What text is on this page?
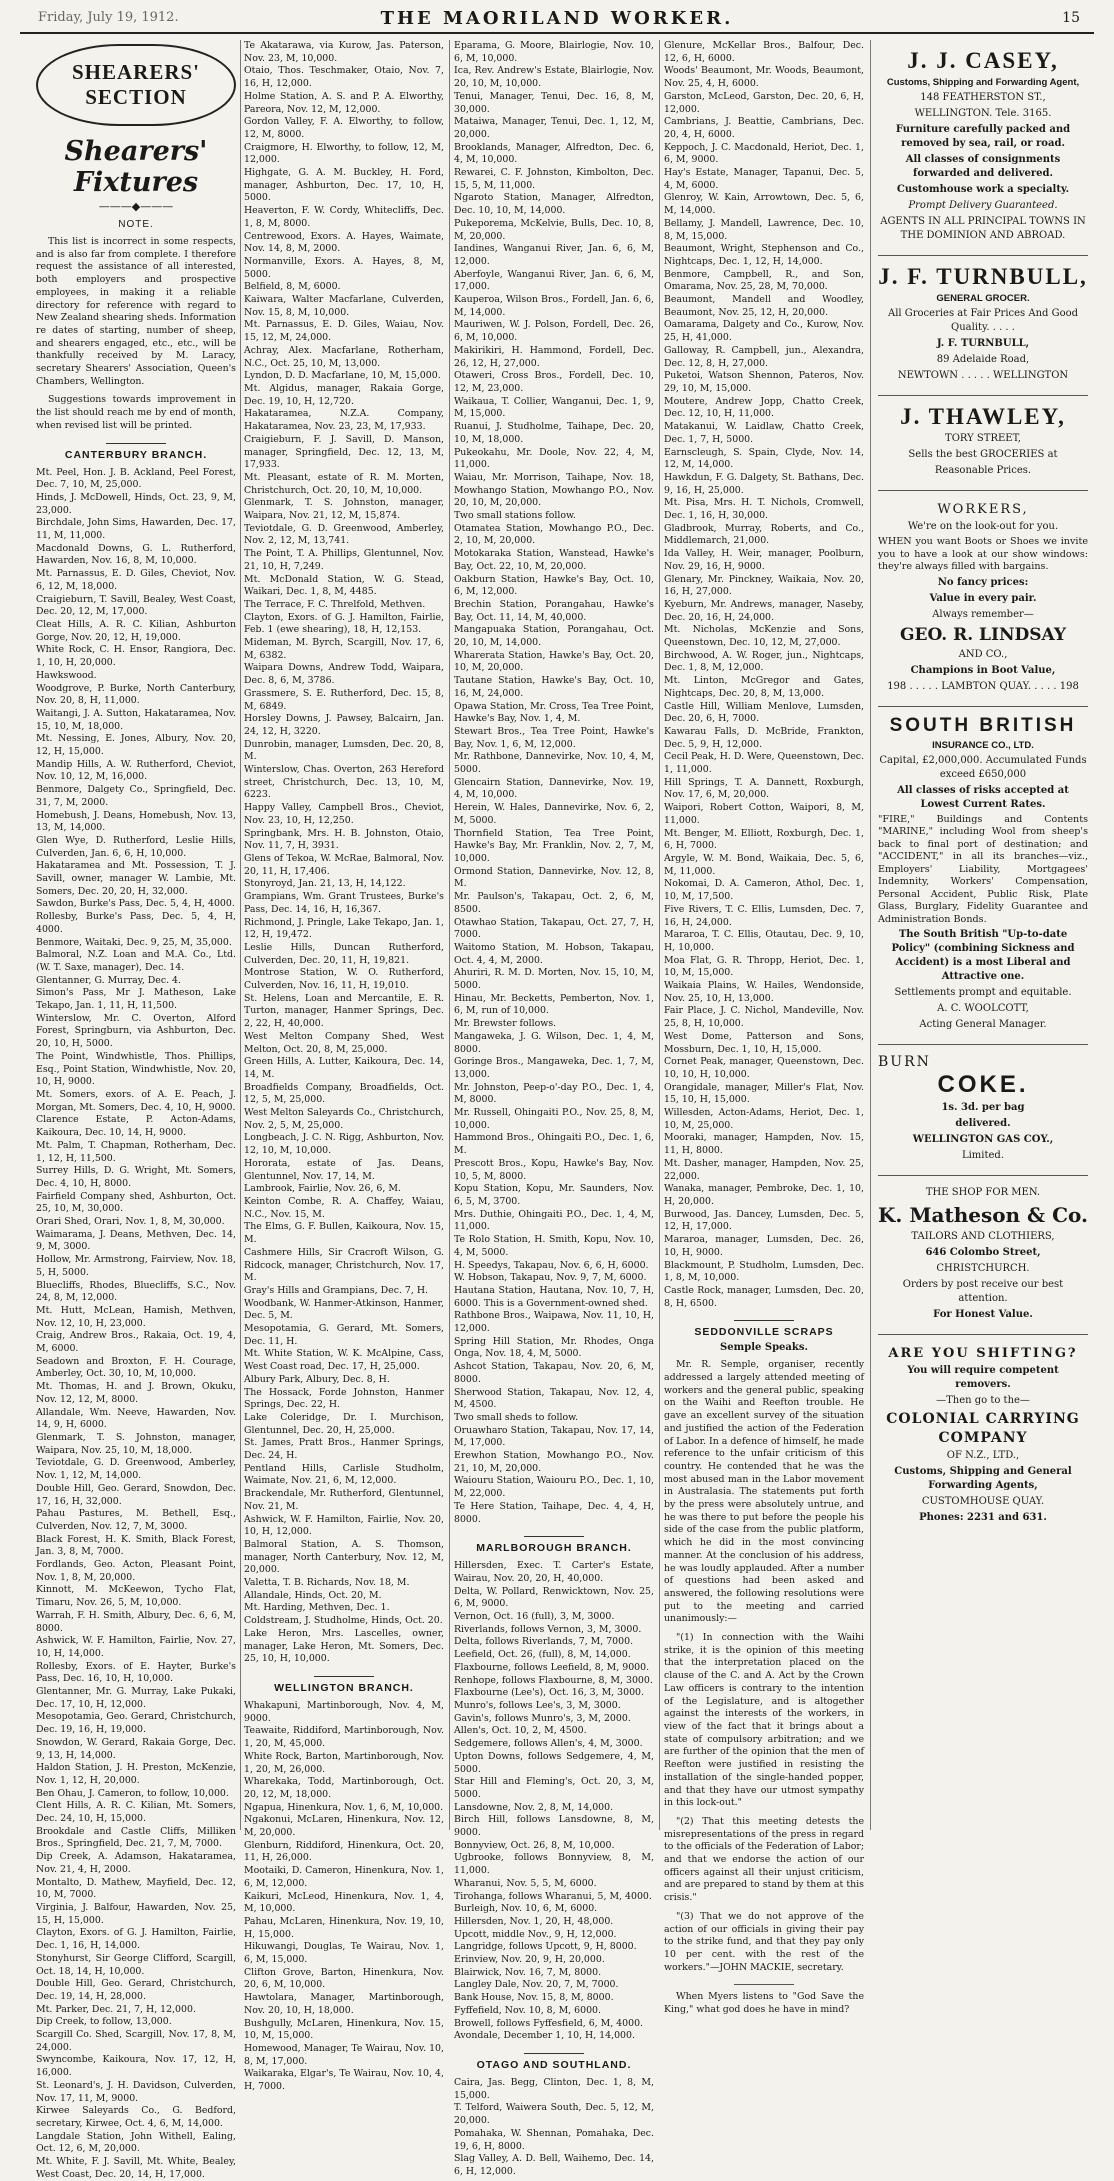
Friday, July 19, 1912.	THE MAORILAND WORKER.	15
SHEARERS' SECTION
Shearers' Fixtures
———◆———
NOTE.

This list is incorrect in some respects, and is also far from complete. I therefore request the assistance of all interested, both employers and prospective employees, in making it a reliable directory for reference with regard to New Zealand shearing sheds. Information re dates of starting, number of sheep, and shearers engaged, etc., etc., will be thankfully received by M. Laracy, secretary Shearers' Association, Queen's Chambers, Wellington.

Suggestions towards improvement in the list should reach me by end of month, when revised list will be printed.

CANTERBURY BRANCH.

Mt. Peel, Hon. J. B. Ackland, Peel Forest, Dec. 7, 10, M, 25,000.

Hinds, J. McDowell, Hinds, Oct. 23, 9, M, 23,000.

Birchdale, John Sims, Hawarden, Dec. 17, 11, M, 11,000.

Macdonald Downs, G. L. Rutherford, Hawarden, Nov. 16, 8, M, 10,000.

Mt. Parnassus, E. D. Giles, Cheviot, Nov. 6, 12, M, 18,000.

Craigieburn, T. Savill, Bealey, West Coast, Dec. 20, 12, M, 17,000.

Cleat Hills, A. R. C. Kilian, Ashburton Gorge, Nov. 20, 12, H, 19,000.

White Rock, C. H. Ensor, Rangiora, Dec. 1, 10, H, 20,000.

Hawkswood.

Woodgrove, P. Burke, North Canterbury, Nov. 20, 8, H, 11,000.

Waitangi, J. A. Sutton, Hakataramea, Nov. 15, 10, M, 18,000.

Mt. Nessing, E. Jones, Albury, Nov. 20, 12, H, 15,000.

Mandip Hills, A. W. Rutherford, Cheviot, Nov. 10, 12, M, 16,000.

Benmore, Dalgety Co., Springfield, Dec. 31, 7, M, 2000.

Homebush, J. Deans, Homebush, Nov. 13, 13, M, 14,000.

Glen Wye, D. Rutherford, Leslie Hills, Culverden, Jan. 6, 6, H, 10,000.

Hakataramea and Mt. Possession, T. J. Savill, owner, manager W. Lambie, Mt. Somers, Dec. 20, 20, H, 32,000.

Sawdon, Burke's Pass, Dec. 5, 4, H, 4000.

Rollesby, Burke's Pass, Dec. 5, 4, H, 4000.

Benmore, Waitaki, Dec. 9, 25, M, 35,000.

Balmoral, N.Z. Loan and M.A. Co., Ltd. (W. T. Saxe, manager), Dec. 14.

Glentanner, G. Murray, Dec. 4.

Simon's Pass, Mr J. Matheson, Lake Tekapo, Jan. 1, 11, H, 11,500.

Winterslow, Mr. C. Overton, Alford Forest, Springburn, via Ashburton, Dec. 20, 10, H, 5000.

The Point, Windwhistle, Thos. Phillips, Esq., Point Station, Windwhistle, Nov. 20, 10, H, 9000.

Mt. Somers, exors. of A. E. Peach, J. Morgan, Mt. Somers, Dec. 4, 10, H, 9000.

Clarence Estate, P. Acton-Adams, Kaikoura, Dec. 10, 14, H, 9000.

Mt. Palm, T. Chapman, Rotherham, Dec. 1, 12, H, 11,500.

Surrey Hills, D. G. Wright, Mt. Somers, Dec. 4, 10, H, 8000.

Fairfield Company shed, Ashburton, Oct. 25, 10, M, 30,000.

Orari Shed, Orari, Nov. 1, 8, M, 30,000.

Waimarama, J. Deans, Methven, Dec. 14, 9, M, 3000.

Hollow, Mr. Armstrong, Fairview, Nov. 18, 5, H, 5000.

Bluecliffs, Rhodes, Bluecliffs, S.C., Nov. 24, 8, M, 12,000.

Mt. Hutt, McLean, Hamish, Methven, Nov. 12, 10, H, 23,000.

Craig, Andrew Bros., Rakaia, Oct. 19, 4, M, 6000.

Seadown and Broxton, F. H. Courage, Amberley, Oct. 30, 10, M, 10,000.

Mt. Thomas, H. and J. Brown, Okuku, Nov. 12, 12, M, 8000.

Allandale, Wm. Neeve, Hawarden, Nov. 14, 9, H, 6000.

Glenmark, T. S. Johnston, manager, Waipara, Nov. 25, 10, M, 18,000.

Teviotdale, G. D. Greenwood, Amberley, Nov. 1, 12, M, 14,000.

Double Hill, Geo. Gerard, Snowdon, Dec. 17, 16, H, 32,000.

Pahau Pastures, M. Bethell, Esq., Culverden, Nov. 12, 7, M, 3000.

Black Forest, H. K. Smith, Black Forest, Jan. 3, 8, M, 7000.

Fordlands, Geo. Acton, Pleasant Point, Nov. 1, 8, M, 20,000.

Kinnott, M. McKeewon, Tycho Flat, Timaru, Nov. 26, 5, M, 10,000.

Warrah, F. H. Smith, Albury, Dec. 6, 6, M, 8000.

Ashwick, W. F. Hamilton, Fairlie, Nov. 27, 10, H, 14,000.

Rollesby, Exors. of E. Hayter, Burke's Pass, Dec. 16, 10, H, 10,000.

Glentanner, Mr. G. Murray, Lake Pukaki, Dec. 17, 10, H, 12,000.

Mesopotamia, Geo. Gerard, Christchurch, Dec. 19, 16, H, 19,000.

Snowdon, W. Gerard, Rakaia Gorge, Dec. 9, 13, H, 14,000.

Haldon Station, J. H. Preston, McKenzie, Nov. 1, 12, H, 20,000.

Ben Ohau, J. Cameron, to follow, 10,000.

Clent Hills, A. R. C. Kilian, Mt. Somers, Dec. 24, 10, H, 15,000.

Brookdale and Castle Cliffs, Milliken Bros., Springfield, Dec. 21, 7, M, 7000.

Dip Creek, A. Adamson, Hakataramea, Nov. 21, 4, H, 2000.

Montalto, D. Mathew, Mayfield, Dec. 12, 10, M, 7000.

Virginia, J. Balfour, Hawarden, Nov. 25, 15, H, 15,000.

Clayton, Exors. of G. J. Hamilton, Fairlie, Dec. 1, 16, H, 14,000.

Stonyhurst, Sir George Clifford, Scargill, Oct. 18, 14, H, 10,000.

Double Hill, Geo. Gerard, Christchurch, Dec. 19, 14, H, 28,000.

Mt. Parker, Dec. 21, 7, H, 12,000.

Dip Creek, to follow, 13,000.

Scargill Co. Shed, Scargill, Nov. 17, 8, M, 24,000.

Swyncombe, Kaikoura, Nov. 17, 12, H, 16,000.

St. Leonard's, J. H. Davidson, Culverden, Nov. 17, 11, M, 9000.

Kirwee Saleyards Co., G. Bedford, secretary, Kirwee, Oct. 4, 6, M, 14,000.

Langdale Station, John Withell, Ealing, Oct. 12, 6, M, 20,000.

Mt. White, F. J. Savill, Mt. White, Bealey, West Coast, Dec. 20, 14, H, 17,000.

Te Akatarawa, via Kurow, Jas. Paterson, Nov. 23, M, 10,000.

Otaio, Thos. Teschmaker, Otaio, Nov. 7, 16, H, 12,000.

Holme Station, A. S. and P. A. Elworthy, Pareora, Nov. 12, M, 12,000.

Gordon Valley, F. A. Elworthy, to follow, 12, M, 8000.

Craigmore, H. Elworthy, to follow, 12, M, 12,000.

Highgate, G. A. M. Buckley, H. Ford, manager, Ashburton, Dec. 17, 10, H, 5000.

Heaverton, F. W. Cordy, Whitecliffs, Dec. 1, 8, M, 8000.

Centrewood, Exors. A. Hayes, Waimate, Nov. 14, 8, M, 2000.

Normanville, Exors. A. Hayes, 8, M, 5000.

Belfield, 8, M, 6000.

Kaiwara, Walter Macfarlane, Culverden, Nov. 15, 8, M, 10,000.

Mt. Parnassus, E. D. Giles, Waiau, Nov. 15, 12, M, 24,000.

Achray, Alex. Macfarlane, Rotherham, N.C., Oct. 25, 10, M, 13,000.

Lyndon, D. D. Macfarlane, 10, M, 15,000.

Mt. Algidus, manager, Rakaia Gorge, Dec. 19, 10, H, 12,720.

Hakataramea, N.Z.A. Company, Hakataramea, Nov. 23, 23, M, 17,933.

Craigieburn, F. J. Savill, D. Manson, manager, Springfield, Dec. 12, 13, M, 17,933.

Mt. Pleasant, estate of R. M. Morten, Christchurch, Oct. 20, 10, M, 10,000.

Glenmark, T. S. Johnston, manager, Waipara, Nov. 21, 12, M, 15,874.

Teviotdale, G. D. Greenwood, Amberley, Nov. 2, 12, M, 13,741.

The Point, T. A. Phillips, Glentunnel, Nov. 21, 10, H, 7,249.

Mt. McDonald Station, W. G. Stead, Waikari, Dec. 1, 8, M, 4485.

The Terrace, F. C. Threlfold, Methven.

Clayton, Exors. of G. J. Hamilton, Fairlie, Feb. 1 (ewe shearing), 18, H, 12,153.

Mideman, M. Byrch, Scargill, Nov. 17, 6, M, 6382.

Waipara Downs, Andrew Todd, Waipara, Dec. 8, 6, M, 3786.

Grassmere, S. E. Rutherford, Dec. 15, 8, M, 6849.

Horsley Downs, J. Pawsey, Balcairn, Jan. 24, 12, H, 3220.

Dunrobin, manager, Lumsden, Dec. 20, 8, M.

Winterslow, Chas. Overton, 263 Hereford street, Christchurch, Dec. 13, 10, M, 6223.

Happy Valley, Campbell Bros., Cheviot, Nov. 23, 10, H, 12,250.

Springbank, Mrs. H. B. Johnston, Otaio, Nov. 11, 7, H, 3931.

Glens of Tekoa, W. McRae, Balmoral, Nov. 20, 11, H, 17,406.

Stonyroyd, Jan. 21, 13, H, 14,122.

Grampians, Wm. Grant Trustees, Burke's Pass, Dec. 14, 16, H, 16,367.

Richmond, J. Pringle, Lake Tekapo, Jan. 1, 12, H, 19,472.

Leslie Hills, Duncan Rutherford, Culverden, Dec. 20, 11, H, 19,821.

Montrose Station, W. O. Rutherford, Culverden, Nov. 16, 11, H, 19,010.

St. Helens, Loan and Mercantile, E. R. Turton, manager, Hanmer Springs, Dec. 2, 22, H, 40,000.

West Melton Company Shed, West Melton, Oct. 20, 8, M, 25,000.

Green Hills, A. Lutter, Kaikoura, Dec. 14, 14, M.

Broadfields Company, Broadfields, Oct. 12, 5, M, 25,000.

West Melton Saleyards Co., Christchurch, Nov. 2, 5, M, 25,000.

Longbeach, J. C. N. Rigg, Ashburton, Nov. 12, 10, M, 10,000.

Hororata, estate of Jas. Deans, Glentunnel, Nov. 17, 14, M.

Lambrook, Fairlie, Nov. 26, 6, M.

Keinton Combe, R. A. Chaffey, Waiau, N.C., Nov. 15, M.

The Elms, G. F. Bullen, Kaikoura, Nov. 15, M.

Cashmere Hills, Sir Cracroft Wilson, G. Ridcock, manager, Christchurch, Nov. 17, M.

Gray's Hills and Grampians, Dec. 7, H.

Woodbank, W. Hanmer-Atkinson, Hanmer, Dec. 5, M.

Mesopotamia, G. Gerard, Mt. Somers, Dec. 11, H.

Mt. White Station, W. K. McAlpine, Cass, West Coast road, Dec. 17, H, 25,000.

Albury Park, Albury, Dec. 8, H.

The Hossack, Forde Johnston, Hanmer Springs, Dec. 22, H.

Lake Coleridge, Dr. I. Murchison, Glentunnel, Dec. 20, H, 25,000.

St. James, Pratt Bros., Hanmer Springs, Dec. 24, H.

Pentland Hills, Carlisle Studholm, Waimate, Nov. 21, 6, M, 12,000.

Brackendale, Mr. Rutherford, Glentunnel, Nov. 21, M.

Ashwick, W. F. Hamilton, Fairlie, Nov. 20, 10, H, 12,000.

Balmoral Station, A. S. Thomson, manager, North Canterbury, Nov. 12, M, 20,000.

Valetta, T. B. Richards, Nov. 18, M.

Allandale, Hinds, Oct. 20, M.

Mt. Harding, Methven, Dec. 1.

Coldstream, J. Studholme, Hinds, Oct. 20.

Lake Heron, Mrs. Lascelles, owner, manager, Lake Heron, Mt. Somers, Dec. 25, 10, H, 10,000.

WELLINGTON BRANCH.

Whakapuni, Martinborough, Nov. 4, M, 9000.

Teawaite, Riddiford, Martinborough, Nov. 1, 20, M, 45,000.

White Rock, Barton, Martinborough, Nov. 1, 20, M, 26,000.

Wharekaka, Todd, Martinborough, Oct. 20, 12, M, 18,000.

Ngapua, Hinenkura, Nov. 1, 6, M, 10,000.

Ngakonui, McLaren, Hinenkura, Nov. 12, M, 20,000.

Glenburn, Riddiford, Hinenkura, Oct. 20, 11, H, 26,000.

Mootaiki, D. Cameron, Hinenkura, Nov. 1, 6, M, 12,000.

Kaikuri, McLeod, Hinenkura, Nov. 1, 4, M, 10,000.

Pahau, McLaren, Hinenkura, Nov. 19, 10, H, 15,000.

Hikuwangi, Douglas, Te Wairau, Nov. 1, 6, M, 15,000.

Clifton Grove, Barton, Hinenkura, Nov. 20, 6, M, 10,000.

Hawtolara, Manager, Martinborough, Nov. 20, 10, H, 18,000.

Bushgully, McLaren, Hinenkura, Nov. 15, 10, M, 15,000.

Homewood, Manager, Te Wairau, Nov. 10, 8, M, 17,000.

Waikaraka, Elgar's, Te Wairau, Nov. 10, 4, H, 7000.

Eparama, G. Moore, Blairlogie, Nov. 10, 6, M, 10,000.

Ica, Rev. Andrew's Estate, Blairlogie, Nov. 20, 10, M, 10,000.

Tenui, Manager, Tenui, Dec. 16, 8, M, 30,000.

Mataiwa, Manager, Tenui, Dec. 1, 12, M, 20,000.

Brooklands, Manager, Alfredton, Dec. 6, 4, M, 10,000.

Rewarei, C. F. Johnston, Kimbolton, Dec. 15, 5, M, 11,000.

Ngaroto Station, Manager, Alfredton, Dec. 10, 10, M, 14,000.

Pukeporema, McKelvie, Bulls, Dec. 10, 8, M, 20,000.

Iandines, Wanganui River, Jan. 6, 6, M, 12,000.

Aberfoyle, Wanganui River, Jan. 6, 6, M, 17,000.

Kauperoa, Wilson Bros., Fordell, Jan. 6, 6, M, 14,000.

Mauriwen, W. J. Polson, Fordell, Dec. 26, 6, M, 10,000.

Makirikiri, H. Hammond, Fordell, Dec. 26, 12, H, 27,000.

Otaweri, Cross Bros., Fordell, Dec. 10, 12, M, 23,000.

Waikaua, T. Collier, Wanganui, Dec. 1, 9, M, 15,000.

Ruanui, J. Studholme, Taihape, Dec. 20, 10, M, 18,000.

Pukeokahu, Mr. Doole, Nov. 22, 4, M, 11,000.

Waiau, Mr. Morrison, Taihape, Nov. 18, Mowhango Station, Mowhango P.O., Nov. 20, 10, M, 20,000.

Two small stations follow.

Otamatea Station, Mowhango P.O., Dec. 2, 10, M, 20,000.

Motokaraka Station, Wanstead, Hawke's Bay, Oct. 22, 10, M, 20,000.

Oakburn Station, Hawke's Bay, Oct. 10, 6, M, 12,000.

Brechin Station, Porangahau, Hawke's Bay, Oct. 11, 14, M, 40,000.

Mangapuaka Station, Porangahau, Oct. 20, 10, M, 14,000.

Wharerata Station, Hawke's Bay, Oct. 20, 10, M, 20,000.

Tautane Station, Hawke's Bay, Oct. 10, 16, M, 24,000.

Opawa Station, Mr. Cross, Tea Tree Point, Hawke's Bay, Nov. 1, 4, M.

Stewart Bros., Tea Tree Point, Hawke's Bay, Nov. 1, 6, M, 12,000.

Mr. Rathbone, Dannevirke, Nov. 10, 4, M, 5000.

Glencairn Station, Dannevirke, Nov. 19, 4, M, 10,000.

Herein, W. Hales, Dannevirke, Nov. 6, 2, M, 5000.

Thornfield Station, Tea Tree Point, Hawke's Bay, Mr. Franklin, Nov. 2, 7, M, 10,000.

Ormond Station, Dannevirke, Nov. 12, 8, M.

Mr. Paulson's, Takapau, Oct. 2, 6, M, 8500.

Otawhao Station, Takapau, Oct. 27, 7, H, 7000.

Waitomo Station, M. Hobson, Takapau, Oct. 4, 4, M, 2000.

Ahuriri, R. M. D. Morten, Nov. 15, 10, M, 5000.

Hinau, Mr. Becketts, Pemberton, Nov. 1, 6, M, run of 10,000.

Mr. Brewster follows.

Mangaweka, J. G. Wilson, Dec. 1, 4, M, 8000.

Goringe Bros., Mangaweka, Dec. 1, 7, M, 13,000.

Mr. Johnston, Peep-o'-day P.O., Dec. 1, 4, M, 8000.

Mr. Russell, Ohingaiti P.O., Nov. 25, 8, M, 10,000.

Hammond Bros., Ohingaiti P.O., Dec. 1, 6, M.

Prescott Bros., Kopu, Hawke's Bay, Nov. 10, 5, M, 8000.

Kopu Station, Kopu, Mr. Saunders, Nov. 6, 5, M, 3700.

Mrs. Duthie, Ohingaiti P.O., Dec. 1, 4, M, 11,000.

Te Rolo Station, H. Smith, Kopu, Nov. 10, 4, M, 5000.

H. Speedys, Takapau, Nov. 6, 6, H, 6000.

W. Hobson, Takapau, Nov. 9, 7, M, 6000.

Hautana Station, Hautana, Nov. 10, 7, H, 6000. This is a Government-owned shed.

Rathbone Bros., Waipawa, Nov. 11, 10, H, 12,000.

Spring Hill Station, Mr. Rhodes, Onga Onga, Nov. 18, 4, M, 5000.

Ashcot Station, Takapau, Nov. 20, 6, M, 8000.

Sherwood Station, Takapau, Nov. 12, 4, M, 4500.

Two small sheds to follow.

Oruawharo Station, Takapau, Nov. 17, 14, M, 17,000.

Erewhon Station, Mowhango P.O., Nov. 21, 10, M, 20,000.

Waiouru Station, Waiouru P.O., Dec. 1, 10, M, 22,000.

Te Here Station, Taihape, Dec. 4, 4, H, 8000.

MARLBOROUGH BRANCH.

Hillersden, Exec. T. Carter's Estate, Wairau, Nov. 20, 20, H, 40,000.

Delta, W. Pollard, Renwicktown, Nov. 25, 6, M, 9000.

Vernon, Oct. 16 (full), 3, M, 3000.

Riverlands, follows Vernon, 3, M, 3000.

Delta, follows Riverlands, 7, M, 7000.

Leefield, Oct. 26, (full), 8, M, 14,000.

Flaxbourne, follows Leefield, 8, M, 9000.

Renhope, follows Flaxbourne, 8, M, 3000.

Flaxbourne (Lee's), Oct. 16, 3, M, 3000.

Munro's, follows Lee's, 3, M, 3000.

Gavin's, follows Munro's, 3, M, 2000.

Allen's, Oct. 10, 2, M, 4500.

Sedgemere, follows Allen's, 4, M, 3000.

Upton Downs, follows Sedgemere, 4, M, 5000.

Star Hill and Fleming's, Oct. 20, 3, M, 5000.

Lansdowne, Nov. 2, 8, M, 14,000.

Birch Hill, follows Lansdowne, 8, M, 9000.

Bonnyview, Oct. 26, 8, M, 10,000.

Ugbrooke, follows Bonnyview, 8, M, 11,000.

Wharanui, Nov. 5, 5, M, 6000.

Tirohanga, follows Wharanui, 5, M, 4000.

Burleigh, Nov. 10, 6, M, 6000.

Hillersden, Nov. 1, 20, H, 48,000.

Upcott, middle Nov., 9, H, 12,000.

Langridge, follows Upcott, 9, H, 8000.

Erinview, Nov. 20, 9, H, 20,000.

Blairwick, Nov. 16, 7, M, 8000.

Langley Dale, Nov. 20, 7, M, 7000.

Bank House, Nov. 15, 8, M, 8000.

Fyffefield, Nov. 10, 8, M, 6000.

Browell, follows Fyffesfield, 6, M, 4000.

Avondale, December 1, 10, H, 14,000.

OTAGO AND SOUTHLAND.

Caira, Jas. Begg, Clinton, Dec. 1, 8, M, 15,000.

T. Telford, Waiwera South, Dec. 5, 12, M, 20,000.

Pomahaka, W. Shennan, Pomahaka, Dec. 19, 6, H, 8000.

Slag Valley, A. D. Bell, Waihemo, Dec. 14, 6, H, 12,000.

Glenure, McKellar Bros., Balfour, Dec. 12, 6, H, 6000.

Woods' Beaumont, Mr. Woods, Beaumont, Nov. 25, 4, H, 6000.

Garston, McLeod, Garston, Dec. 20, 6, H, 12,000.

Cambrians, J. Beattie, Cambrians, Dec. 20, 4, H, 6000.

Keppoch, J. C. Macdonald, Heriot, Dec. 1, 6, M, 9000.

Hay's Estate, Manager, Tapanui, Dec. 5, 4, M, 6000.

Glenroy, W. Kain, Arrowtown, Dec. 5, 6, M, 14,000.

Bellamy, J. Mandell, Lawrence, Dec. 10, 8, M, 15,000.

Beaumont, Wright, Stephenson and Co., Nightcaps, Dec. 1, 12, H, 14,000.

Benmore, Campbell, R., and Son, Omarama, Nov. 25, 28, M, 70,000.

Beaumont, Mandell and Woodley, Beaumont, Nov. 25, 12, H, 20,000.

Oamarama, Dalgety and Co., Kurow, Nov. 25, H, 41,000.

Galloway, R. Campbell, jun., Alexandra, Dec. 12, 8, H, 27,000.

Puketoi, Watson Shennon, Pateros, Nov. 29, 10, M, 15,000.

Moutere, Andrew Jopp, Chatto Creek, Dec. 12, 10, H, 11,000.

Matakanui, W. Laidlaw, Chatto Creek, Dec. 1, 7, H, 5000.

Earnscleugh, S. Spain, Clyde, Nov. 14, 12, M, 14,000.

Hawkdun, F. G. Dalgety, St. Bathans, Dec. 9, 16, H, 25,000.

Mt. Pisa, Mrs. H. T. Nichols, Cromwell, Dec. 1, 16, H, 30,000.

Gladbrook, Murray, Roberts, and Co., Middlemarch, 21,000.

Ida Valley, H. Weir, manager, Poolburn, Nov. 29, 16, H, 9000.

Glenary, Mr. Pinckney, Waikaia, Nov. 20, 16, H, 27,000.

Kyeburn, Mr. Andrews, manager, Naseby, Dec. 20, 16, H, 24,000.

Mt. Nicholas, McKenzie and Sons, Queenstown, Dec. 10, 12, M, 27,000.

Birchwood, A. W. Roger, jun., Nightcaps, Dec. 1, 8, M, 12,000.

Mt. Linton, McGregor and Gates, Nightcaps, Dec. 20, 8, M, 13,000.

Castle Hill, William Menlove, Lumsden, Dec. 20, 6, H, 7000.

Kawarau Falls, D. McBride, Frankton, Dec. 5, 9, H, 12,000.

Cecil Peak, H. D. Were, Queenstown, Dec. 1, 11,000.

Hill Springs, T. A. Dannett, Roxburgh, Nov. 17, 6, M, 20,000.

Waipori, Robert Cotton, Waipori, 8, M, 11,000.

Mt. Benger, M. Elliott, Roxburgh, Dec. 1, 6, H, 7000.

Argyle, W. M. Bond, Waikaia, Dec. 5, 6, M, 11,000.

Nokomai, D. A. Cameron, Athol, Dec. 1, 10, M, 17,500.

Five Rivers, T. C. Ellis, Lumsden, Dec. 7, 16, H, 24,000.

Mararoa, T. C. Ellis, Otautau, Dec. 9, 10, H, 10,000.

Moa Flat, G. R. Thropp, Heriot, Dec. 1, 10, M, 15,000.

Waikaia Plains, W. Hailes, Wendonside, Nov. 25, 10, H, 13,000.

Fair Place, J. C. Nichol, Mandeville, Nov. 25, 8, H, 10,000.

West Dome, Patterson and Sons, Mossburn, Dec. 1, 10, H, 15,000.

Cornet Peak, manager, Queenstown, Dec. 10, 10, H, 10,000.

Orangidale, manager, Miller's Flat, Nov. 15, 10, H, 15,000.

Willesden, Acton-Adams, Heriot, Dec. 1, 10, M, 25,000.

Mooraki, manager, Hampden, Nov. 15, 11, H, 8000.

Mt. Dasher, manager, Hampden, Nov. 25, 22,000.

Wanaka, manager, Pembroke, Dec. 1, 10, H, 20,000.

Burwood, Jas. Dancey, Lumsden, Dec. 5, 12, H, 17,000.

Mararoa, manager, Lumsden, Dec. 26, 10, H, 9000.

Blackmount, P. Studholm, Lumsden, Dec. 1, 8, M, 10,000.

Castle Rock, manager, Lumsden, Dec. 20, 8, H, 6500.

SEDDONVILLE SCRAPS
Semple Speaks.

Mr. R. Semple, organiser, recently addressed a largely attended meeting of workers and the general public, speaking on the Waihi and Reefton trouble. He gave an excellent survey of the situation and justified the action of the Federation of Labor. In a defence of himself, he made reference to the unfair criticism of this country. He contended that he was the most abused man in the Labor movement in Australasia. The statements put forth by the press were absolutely untrue, and he was there to put before the people his side of the case from the public platform, which he did in the most convincing manner. At the conclusion of his address, he was loudly applauded. After a number of questions had been asked and answered, the following resolutions were put to the meeting and carried unanimously:—

"(1) In connection with the Waihi strike, it is the opinion of this meeting that the interpretation placed on the clause of the C. and A. Act by the Crown Law officers is contrary to the intention of the Legislature, and is altogether against the interests of the workers, in view of the fact that it brings about a state of compulsory arbitration; and we are further of the opinion that the men of Reefton were justified in resisting the installation of the single-handed popper, and that they have our utmost sympathy in this lock-out."

"(2) That this meeting detests the misrepresentations of the press in regard to the officials of the Federation of Labor; and that we endorse the action of our officers against all their unjust criticism, and are prepared to stand by them at this crisis."

"(3) That we do not approve of the action of our officials in giving their pay to the strike fund, and that they pay only 10 per cent. with the rest of the workers."—JOHN MACKIE, secretary.

When Myers listens to "God Save the King," what god does he have in mind?

J. J. CASEY,
Customs, Shipping and Forwarding Agent,
148 FEATHERSTON ST.,
WELLINGTON. Tele. 3165.
Furniture carefully packed and removed by sea, rail, or road.
All classes of consignments forwarded and delivered.
Customhouse work a specialty.
Prompt Delivery Guaranteed.
AGENTS IN ALL PRINCIPAL TOWNS IN THE DOMINION AND ABROAD.
J. F. TURNBULL,
GENERAL GROCER.
All Groceries at Fair Prices And Good Quality. . . . .
J. F. TURNBULL,
89 Adelaide Road,
NEWTOWN . . . . . WELLINGTON
J. THAWLEY,
TORY STREET,
Sells the best GROCERIES at
Reasonable Prices.
WORKERS,
We're on the look-out for you.
WHEN you want Boots or Shoes we invite you to have a look at our show windows: they're always filled with bargains.
No fancy prices:
Value in every pair.
Always remember—
GEO. R. LINDSAY
AND CO.,
Champions in Boot Value,
198 . . . . . LAMBTON QUAY. . . . . 198
SOUTH BRITISH
INSURANCE CO., LTD.
Capital, £2,000,000. Accumulated Funds exceed £650,000
All classes of risks accepted at Lowest Current Rates.
"FIRE," Buildings and Contents "MARINE," including Wool from sheep's back to final port of destination; and "ACCIDENT," in all its branches—viz., Employers' Liability, Mortgagees' Indemnity, Workers' Compensation, Personal Accident, Public Risk, Plate Glass, Burglary, Fidelity Guarantee and Administration Bonds.
The South British "Up-to-date Policy" (combining Sickness and Accident) is a most Liberal and Attractive one.
Settlements prompt and equitable.
A. C. WOOLCOTT,
Acting General Manager.
BURN
COKE.
1s. 3d. per bag
delivered.
WELLINGTON GAS COY.,
Limited.
THE SHOP FOR MEN.
K. Matheson & Co.
TAILORS AND CLOTHIERS,
646 Colombo Street,
CHRISTCHURCH.
Orders by post receive our best attention.
For Honest Value.
ARE YOU SHIFTING?
You will require competent removers.
—Then go to the—
COLONIAL CARRYING
COMPANY
OF N.Z., LTD.,
Customs, Shipping and General Forwarding Agents,
CUSTOMHOUSE QUAY.
Phones: 2231 and 631.
